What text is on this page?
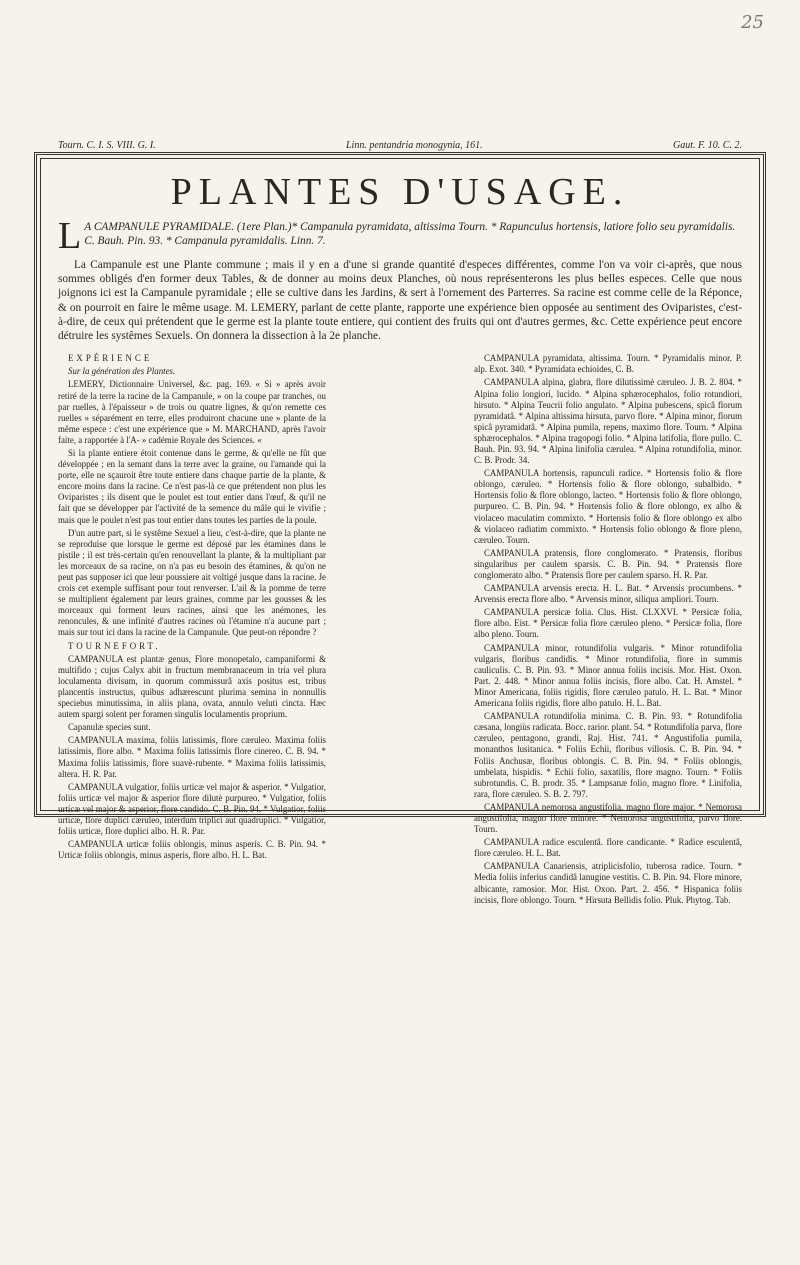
25
Tourn. C. I. S. VIII. G. I.	Linn. pentandria monogynia, 161.	Gaut. F. 10. C. 2.
PLANTES D'USAGE.
L A CAMPANULE PYRAMIDALE. (1ere Plan.)* Campanula pyramidata, altissima Tourn. * Rapunculus hortensis, latiore folio seu pyramidalis. C. Bauh. Pin. 93. * Campanula pyramidalis. Linn. 7.
La Campanule est une Plante commune ; mais il y en a d'une si grande quantité d'especes différentes, comme l'on va voir ci-après, que nous sommes obligés d'en former deux Tables, & de donner au moins deux Planches, où nous représenterons les plus belles especes. Celle que nous joignons ici est la Campanule pyramidale ; elle se cultive dans les Jardins, & sert à l'ornement des Parterres. Sa racine est comme celle de la Réponce, & on pourroit en faire le même usage. M. LEMERY, parlant de cette plante, rapporte une expérience bien opposée au sentiment des Oviparistes, c'est-à-dire, de ceux qui prétendent que le germe est la plante toute entiere, qui contient des fruits qui ont d'autres germes, &c. Cette expérience peut encore détruire les systêmes Sexuels. On donnera la dissection à la 2e planche.

EXPÉRIENCE

Sur la génération des Plantes.

LEMERY, Dictionnaire Universel, &c. pag. 169. « Si » après avoir retiré de la terre la racine de la Campanule, » on la coupe par tranches, ou par ruelles, à l'épaisseur » de trois ou quatre lignes, & qu'on remette ces ruelles » séparément en terre, elles produiront chacune une » plante de la même espece : c'est une expérience que » M. MARCHAND, après l'avoir faite, a rapportée à l'A- » cadémie Royale des Sciences. «

Si la plante entiere étoit contenue dans le germe, & qu'elle ne fût que développée ; en la semant dans la terre avec la graine, ou l'amande qui la porte, elle ne sçauroit être toute entiere dans chaque partie de la plante, & encore moins dans la racine. Ce n'est pas-là ce que prétendent non plus les Oviparistes ; ils disent que le poulet est tout entier dans l'œuf, & qu'il ne fait que se développer par l'activité de la semence du mâle qui le vivifie ; mais que le poulet n'est pas tout entier dans toutes les parties de la poule.

D'un autre part, si le systême Sexuel a lieu, c'est-à-dire, que la plante ne se reproduise que lorsque le germe est déposé par les étamines dans le pistile ; il est très-certain qu'en renouvellant la plante, & la multipliant par les morceaux de sa racine, on n'a pas eu besoin des étamines, & qu'on ne peut pas supposer ici que leur poussiere ait voltigé jusque dans la racine. Je crois cet exemple suffisant pour tout renverser. L'ail & la pomme de terre se multiplient également par leurs graines, comme par les gousses & les morceaux qui forment leurs racines, ainsi que les anémones, les renoncules, & une infinité d'autres racines où l'étamine n'a aucune part ; mais sur tout ici dans la racine de la Campanule. Que peut-on répondre ?

TOURNEFORT.

CAMPANULA est plantæ genus, Flore monopetalo, campaniformi & multifido ; cujus Calyx abit in fructum membranaceum in tria vel plura loculamenta divisum, in quorum commissurâ axis positus est, tribus plancentis instructus, quibus adhærescunt plurima semina in nonnullis speciebus minutissima, in aliis plana, ovata, annulo veluti cincta. Hæc autem spargi solent per foramen singulis loculamentis proprium.

Capanulæ species sunt.

CAMPANULA maxima, foliis latissimis, flore cæruleo. Maxima foliis latissimis, flore albo. * Maxima foliis latissimis flore cinereo. C. B. 94. * Maxima foliis latissimis, flore suavè-rubente. * Maxima foliis latissimis, altera. H. R. Par.

CAMPANULA vulgatior, foliis urticæ vel major & asperior. * Vulgatior, foliis urticæ vel major & asperior flore dilutè purpureo. * Vulgatior, foliis urticæ vel major & asperior, flore candido. C. B. Pin. 94. * Vulgatior, foliis urticæ, flore duplici cæruleo, interdum triplici aut quadruplici. * Vulgatior, foliis urticæ, flore duplici albo. H. R. Par.

CAMPANULA urticæ foliis oblongis, minus asperis. C. B. Pin. 94. * Urticæ foliis oblongis, minus asperis, flore albo. H. L. Bat.

CAMPANULA pyramidata, altissima. Tourn. * Pyramidalis minor. P. alp. Exot. 340. * Pyramidata echioides, C. B.

CAMPANULA alpina, glabra, flore dilutissimè cæruleo. J. B. 2. 804. * Alpina folio longiori, lucido. * Alpina sphærocephalos, folio rotundiori, hirsuto. * Alpina Teucrii folio angulato. * Alpina pubescens, spicâ florum pyramidatâ. * Alpina altissima hirsuta, parvo flore. * Alpina minor, florum spicâ pyramidatâ. * Alpina pumila, repens, maximo flore. Tourn. * Alpina sphærocephalos. * Alpina tragopogi folio. * Alpina latifolia, flore pullo. C. Bauh. Pin. 93. 94. * Alpina linifolia cærulea. * Alpina rotundifolia, minor. C. B. Prodr. 34.

CAMPANULA hortensis, rapunculi radice. * Hortensis folio & flore oblongo, cæruleo. * Hortensis folio & flore oblongo, subalbido. * Hortensis folio & flore oblongo, lacteo. * Hortensis folio & flore oblongo, purpureo. C. B. Pin. 94. * Hortensis folio & flore oblongo, ex albo & violaceo maculatim commixto. * Hortensis folio & flore oblongo ex albo & violaceo radiatim commixto. * Hortensis folio oblongo & flore pleno, cæruleo. Tourn.

CAMPANULA pratensis, flore conglomerato. * Pratensis, floribus singularibus per caulem sparsis. C. B. Pin. 94. * Pratensis flore conglomerato albo. * Pratensis flore per caulem sparso. H. R. Par.

CAMPANULA arvensis erecta. H. L. Bat. * Arvensis procumbens. * Arvensis erecta flore albo. * Arvensis minor, siliqua ampliori. Tourn.

CAMPANULA persicæ folia. Clus. Hist. CLXXVI. * Persicæ folia, flore albo. Eist. * Persicæ folia flore cæruleo pleno. * Persicæ folia, flore albo pleno. Tourn.

CAMPANULA minor, rotundifolia vulgaris. * Minor rotundifolia vulgaris, floribus candidis. * Minor rotundifolia, flore in summis cauliculis. C. B. Pin. 93. * Minor annua foliis incisis. Mor. Hist. Oxon. Part. 2. 448. * Minor annua foliis incisis, flore albo. Cat. H. Amstel. * Minor Americana, foliis rigidis, flore cæruleo patulo. H. L. Bat. * Minor Americana foliis rigidis, flore albo patulo. H. L. Bat.

CAMPANULA rotundifolia minima. C. B. Pin. 93. * Rotundifolia cæsana, longiùs radicata. Bocc. rarior. plant. 54. * Rotundifolia parva, flore cæruleo, pentagono, grandi, Raj. Hist. 741. * Angustifolia pumila, monanthos lusitanica. * Foliis Echii, floribus villosis. C. B. Pin. 94. * Foliis Anchusæ, floribus oblongis. C. B. Pin. 94. * Foliis oblongis, umbelata, hispidis. * Echii folio, saxatilis, flore magno. Tourn. * Foliis subrotundis. C. B. prodr. 35. * Lampsanæ folio, magno flore. * Linifolia, rara, flore cæruleo. S. B. 2. 797.

CAMPANULA nemorosa angustifolia, magno flore major. * Nemorosa angustifolia, magno flore minore. * Nemorosa angustifolia, parvo flore. Tourn.

CAMPANULA radice esculentâ. flore candicante. * Radice esculentâ, flore cæruleo. H. L. Bat.

CAMPANULA Canariensis, atriplicisfolio, tuberosa radice. Tourn. * Media foliis inferius candidâ lanugine vestitis. C. B. Pin. 94. Flore minore, albicante, ramosior. Mor. Hist. Oxon. Part. 2. 456. * Hispanica foliis incisis, flore oblongo. Tourn. * Hirsuta Bellidis folio. Pluk. Phytog. Tab.
